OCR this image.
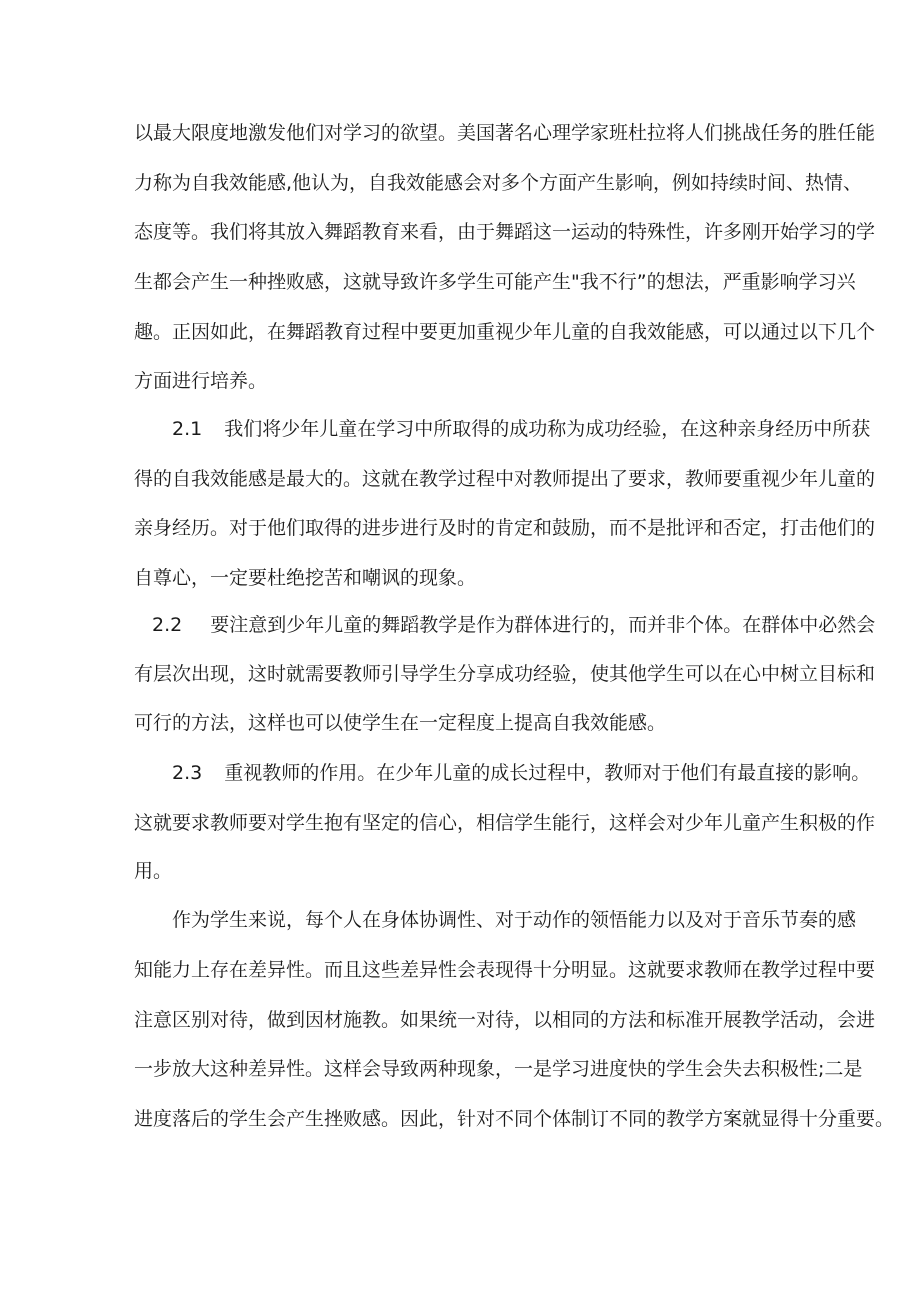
以最大限度地激发他们对学习的欲望。美国著名心理学家班杜拉将人们挑战任务的胜任能

力称为自我效能感,他认为，自我效能感会对多个方面产生影响，例如持续时间、热情、

态度等。我们将其放入舞蹈教育来看，由于舞蹈这一运动的特殊性，许多刚开始学习的学

生都会产生一种挫败感，这就导致许多学生可能产生"我不行”的想法，严重影响学习兴

趣。正因如此，在舞蹈教育过程中要更加重视少年儿童的自我效能感，可以通过以下几个

方面进行培养。

2.1 我们将少年儿童在学习中所取得的成功称为成功经验，在这种亲身经历中所获

得的自我效能感是最大的。这就在教学过程中对教师提出了要求，教师要重视少年儿童的

亲身经历。对于他们取得的进步进行及时的肯定和鼓励，而不是批评和否定，打击他们的

自尊心，一定要杜绝挖苦和嘲讽的现象。

2.2 要注意到少年儿童的舞蹈教学是作为群体进行的，而并非个体。在群体中必然会

有层次出现，这时就需要教师引导学生分享成功经验，使其他学生可以在心中树立目标和

可行的方法，这样也可以使学生在一定程度上提高自我效能感。

2.3 重视教师的作用。在少年儿童的成长过程中，教师对于他们有最直接的影响。

这就要求教师要对学生抱有坚定的信心，相信学生能行，这样会对少年儿童产生积极的作

用。

作为学生来说，每个人在身体协调性、对于动作的领悟能力以及对于音乐节奏的感

知能力上存在差异性。而且这些差异性会表现得十分明显。这就要求教师在教学过程中要

注意区别对待，做到因材施教。如果统一对待，以相同的方法和标准开展教学活动，会进

一步放大这种差异性。这样会导致两种现象，一是学习进度快的学生会失去积极性;二是

进度落后的学生会产生挫败感。因此，针对不同个体制订不同的教学方案就显得十分重要。
